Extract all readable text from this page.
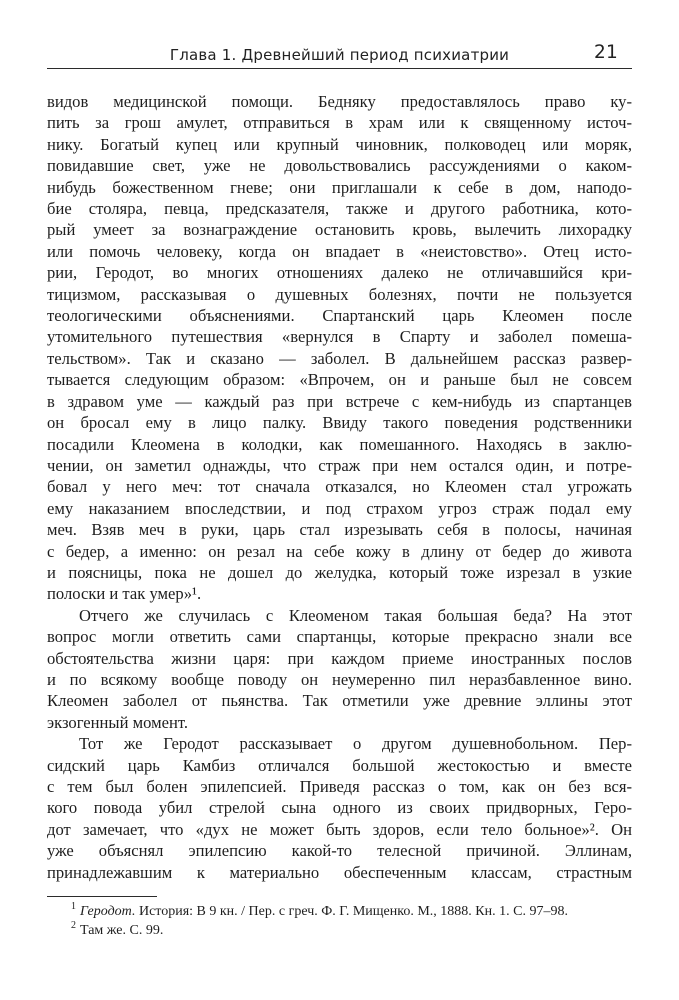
Глава 1. Древнейший период психиатрии	21
видов медицинской помощи. Бедняку предоставлялось право ку-
пить за грош амулет, отправиться в храм или к священному источ-
нику. Богатый купец или крупный чиновник, полководец или моряк,
повидавшие свет, уже не довольствовались рассуждениями о каком-
нибудь божественном гневе; они приглашали к себе в дом, наподо-
бие столяра, певца, предсказателя, также и другого работника, кото-
рый умеет за вознаграждение остановить кровь, вылечить лихорадку
или помочь человеку, когда он впадает в «неистовство». Отец исто-
рии, Геродот, во многих отношениях далеко не отличавшийся кри-
тицизмом, рассказывая о душевных болезнях, почти не пользуется
теологическими объяснениями. Спартанский царь Клеомен после
утомительного путешествия «вернулся в Спарту и заболел помеша-
тельством». Так и сказано — заболел. В дальнейшем рассказ развер-
тывается следующим образом: «Впрочем, он и раньше был не совсем
в здравом уме — каждый раз при встрече с кем-нибудь из спартанцев
он бросал ему в лицо палку. Ввиду такого поведения родственники
посадили Клеомена в колодки, как помешанного. Находясь в заклю-
чении, он заметил однажды, что страж при нем остался один, и потре-
бовал у него меч: тот сначала отказался, но Клеомен стал угрожать
ему наказанием впоследствии, и под страхом угроз страж подал ему
меч. Взяв меч в руки, царь стал изрезывать себя в полосы, начиная
с бедер, а именно: он резал на себе кожу в длину от бедер до живота
и поясницы, пока не дошел до желудка, который тоже изрезал в узкие
полоски и так умер»¹.
Отчего же случилась с Клеоменом такая большая беда? На этот
вопрос могли ответить сами спартанцы, которые прекрасно знали все
обстоятельства жизни царя: при каждом приеме иностранных послов
и по всякому вообще поводу он неумеренно пил неразбавленное вино.
Клеомен заболел от пьянства. Так отметили уже древние эллины этот
экзогенный момент.
Тот же Геродот рассказывает о другом душевнобольном. Пер-
сидский царь Камбиз отличался большой жестокостью и вместе
с тем был болен эпилепсией. Приведя рассказ о том, как он без вся-
кого повода убил стрелой сына одного из своих придворных, Геро-
дот замечает, что «дух не может быть здоров, если тело больное»². Он
уже объяснял эпилепсию какой-то телесной причиной. Эллинам,
принадлежавшим к материально обеспеченным классам, страстным
$^1$ Геродот. История: В 9 кн. / Пер. с греч. Ф. Г. Мищенко. М., 1888. Кн. 1. С. 97–98.
$^2$ Там же. С. 99.
